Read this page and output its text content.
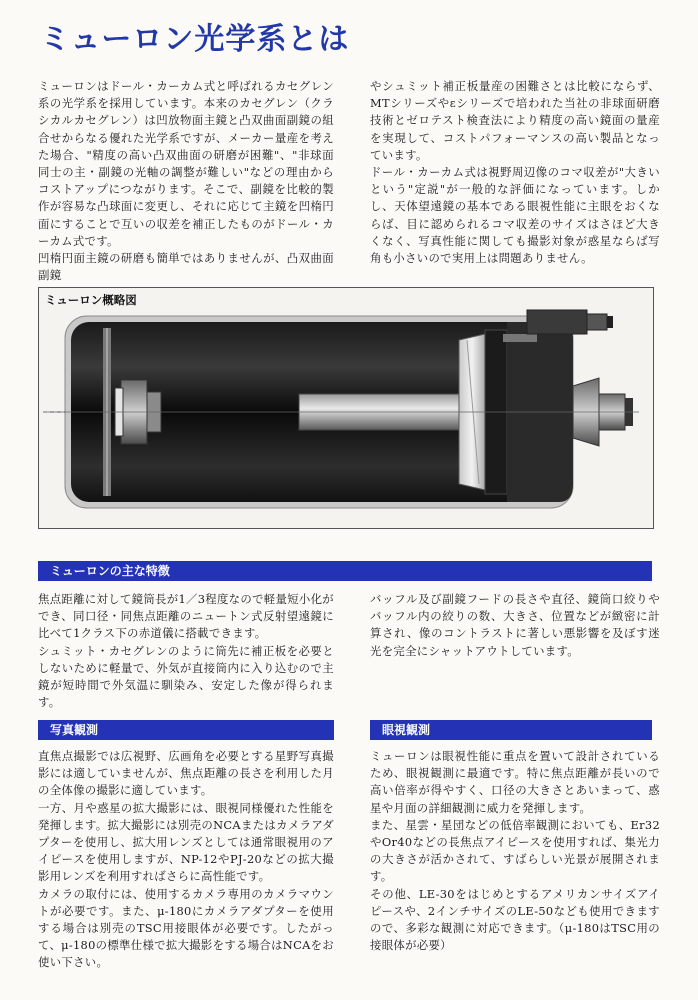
ミューロン光学系とは

ミューロンはドール・カーカム式と呼ばれるカセグレン系の光学系を採用しています。本来のカセグレン（クラシカルカセグレン）は凹放物面主鏡と凸双曲面副鏡の組合せからなる優れた光学系ですが、メーカー量産を考えた場合、"精度の高い凸双曲面の研磨が困難"、"非球面同士の主・副鏡の光軸の調整が難しい"などの理由からコストアップにつながります。そこで、副鏡を比較的製作が容易な凸球面に変更し、それに応じて主鏡を凹楕円面にすることで互いの収差を補正したものがドール・カーカム式です。
凹楕円面主鏡の研磨も簡単ではありませんが、凸双曲面副鏡

やシュミット補正板量産の困難さとは比較にならず、MTシリーズやεシリーズで培われた当社の非球面研磨技術とゼロテスト検査法により精度の高い鏡面の量産を実現して、コストパフォーマンスの高い製品となっています。
ドール・カーカム式は視野周辺像のコマ収差が"大きいという"定説"が一般的な評価になっています。しかし、天体望遠鏡の基本である眼視性能に主眼をおくならば、目に認められるコマ収差のサイズはさほど大きくなく、写真性能に関しても撮影対象が惑星ならば写角も小さいので実用上は問題ありません。

ミューロン概略図

ミューロンの主な特徴

焦点距離に対して鏡筒長が1／3程度なので軽量短小化ができ、同口径・同焦点距離のニュートン式反射望遠鏡に比べて1クラス下の赤道儀に搭載できます。
シュミット・カセグレンのように筒先に補正板を必要としないために軽量で、外気が直接筒内に入り込むので主鏡が短時間で外気温に馴染み、安定した像が得られます。

バッフル及び副鏡フードの長さや直径、鏡筒口絞りやバッフル内の絞りの数、大きさ、位置などが緻密に計算され、像のコントラストに著しい悪影響を及ぼす迷光を完全にシャットアウトしています。

写真観測

直焦点撮影では広視野、広画角を必要とする星野写真撮影には適していませんが、焦点距離の長さを利用した月の全体像の撮影に適しています。
一方、月や惑星の拡大撮影には、眼視同様優れた性能を発揮します。拡大撮影には別売のNCAまたはカメラアダプターを使用し、拡大用レンズとしては通常眼視用のアイピースを使用しますが、NP-12やPJ-20などの拡大撮影用レンズを利用すればさらに高性能です。
カメラの取付には、使用するカメラ専用のカメラマウントが必要です。また、μ-180にカメラアダプターを使用する場合は別売のTSC用接眼体が必要です。したがって、μ-180の標準仕様で拡大撮影をする場合はNCAをお使い下さい。

眼視観測

ミューロンは眼視性能に重点を置いて設計されているため、眼視観測に最適です。特に焦点距離が長いので高い倍率が得やすく、口径の大きさとあいまって、惑星や月面の詳細観測に威力を発揮します。
また、星雲・星団などの低倍率観測においても、Er32やOr40などの長焦点アイピースを使用すれば、集光力の大きさが活かされて、すばらしい光景が展開されます。
その他、LE-30をはじめとするアメリカンサイズアイピースや、2インチサイズのLE-50なども使用できますので、多彩な観測に対応できます。（μ-180はTSC用の接眼体が必要）
